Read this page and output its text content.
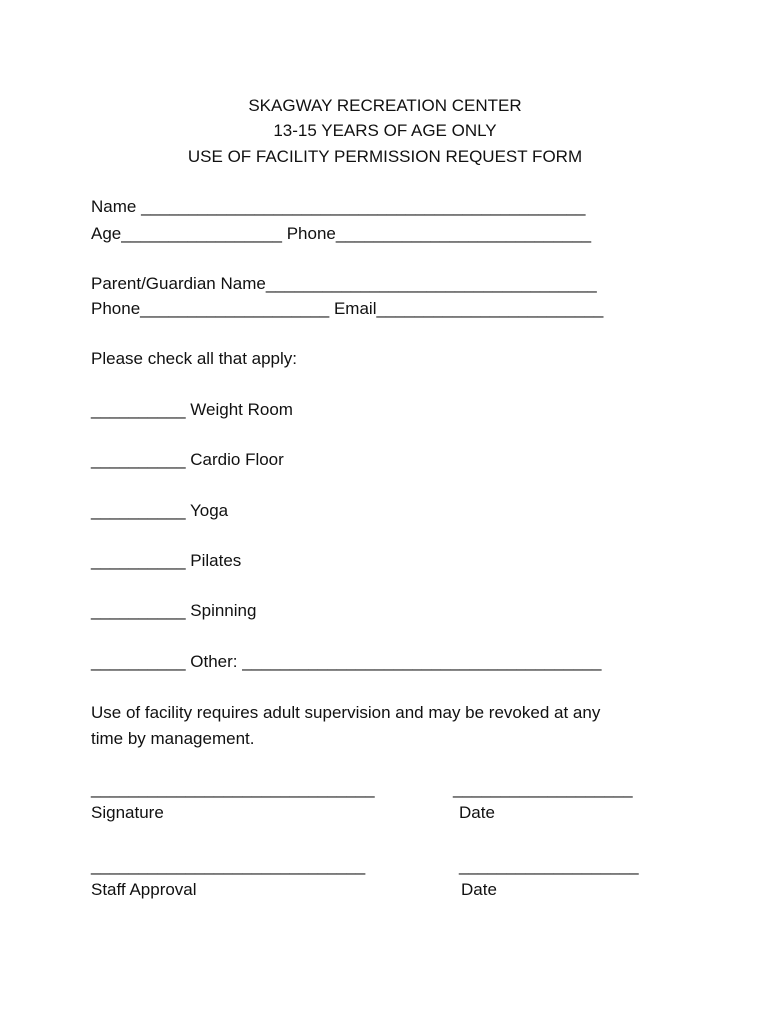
SKAGWAY RECREATION CENTER

13-15 YEARS OF AGE ONLY

USE OF FACILITY PERMISSION REQUEST FORM

Name _______________________________________________

Age_________________ Phone___________________________

Parent/Guardian Name___________________________________

Phone____________________ Email________________________

Please check all that apply:

__________ Weight Room

__________ Cardio Floor

__________ Yoga

__________ Pilates

__________ Spinning

__________ Other: ______________________________________

Use of facility requires adult supervision and may be revoked at any

time by management.

______________________________	___________________

Signature	Date

_____________________________	___________________

Staff Approval	Date
